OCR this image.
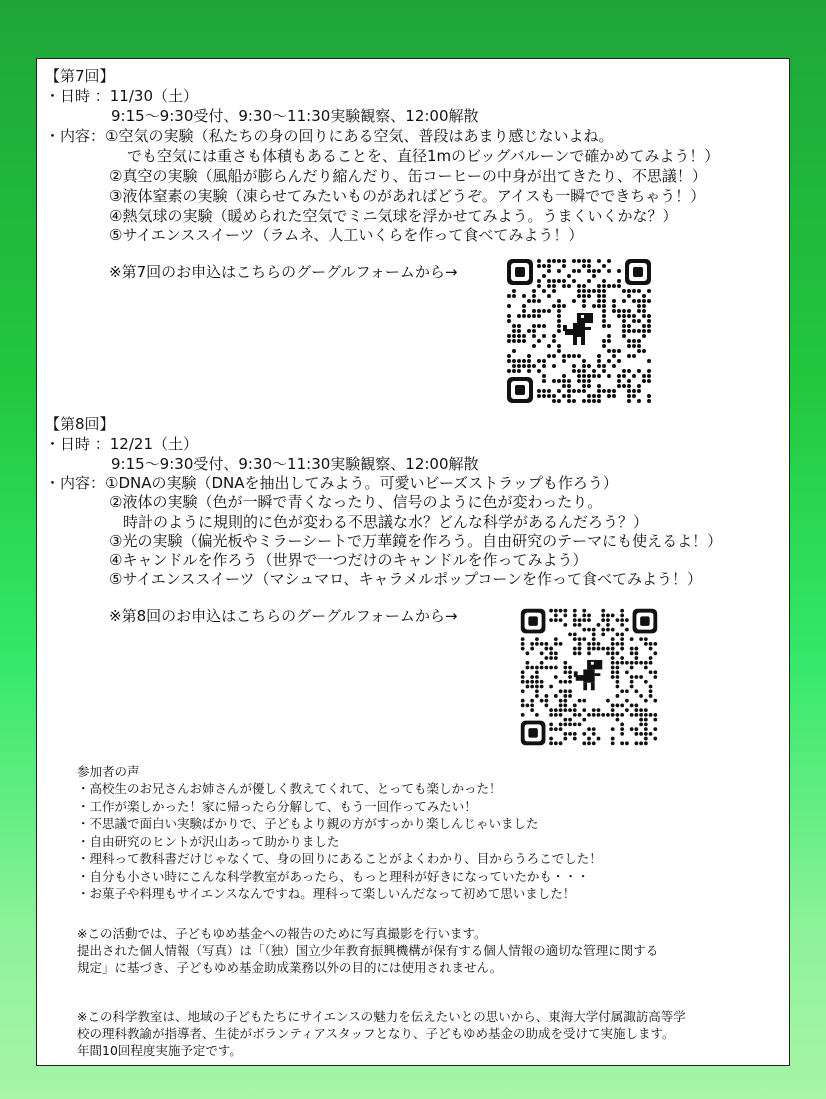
【第7回】
・日時 ：11/30（土）
9:15〜9:30受付、9:30〜11:30実験観察、12:00解散
・内容：①空気の実験（私たちの身の回りにある空気、普段はあまり感じないよね。
でも空気には重さも体積もあることを、直径1mのビッグバルーンで確かめてみよう！）
②真空の実験（風船が膨らんだり縮んだり、缶コーヒーの中身が出てきたり、不思議！）
③液体窒素の実験（凍らせてみたいものがあればどうぞ。アイスも一瞬でできちゃう！）
④熱気球の実験（暖められた空気でミニ気球を浮かせてみよう。うまくいくかな？）
⑤サイエンススイーツ（ラムネ、人工いくらを作って食べてみよう！）
※第7回のお申込はこちらのグーグルフォームから→
【第8回】
・日時 ：12/21（土）
9:15〜9:30受付、9:30〜11:30実験観察、12:00解散
・内容：①DNAの実験（DNAを抽出してみよう。可愛いビーズストラップも作ろう）
②液体の実験（色が一瞬で青くなったり、信号のように色が変わったり。
時計のように規則的に色が変わる不思議な水？どんな科学があるんだろう？）
③光の実験（偏光板やミラーシートで万華鏡を作ろう。自由研究のテーマにも使えるよ！）
④キャンドルを作ろう（世界で一つだけのキャンドルを作ってみよう）
⑤サイエンススイーツ（マシュマロ、キャラメルポップコーンを作って食べてみよう！）
※第8回のお申込はこちらのグーグルフォームから→
参加者の声
・高校生のお兄さんお姉さんが優しく教えてくれて、とっても楽しかった！
・工作が楽しかった！家に帰ったら分解して、もう一回作ってみたい！
・不思議で面白い実験ばかりで、子どもより親の方がすっかり楽しんじゃいました
・自由研究のヒントが沢山あって助かりました
・理科って教科書だけじゃなくて、身の回りにあることがよくわかり、目からうろこでした！
・自分も小さい時にこんな科学教室があったら、もっと理科が好きになっていたかも・・・
・お菓子や料理もサイエンスなんですね。理科って楽しいんだなって初めて思いました！
※この活動では、子どもゆめ基金への報告のために写真撮影を行います。
提出された個人情報（写真）は「（独）国立少年教育振興機構が保有する個人情報の適切な管理に関する
規定」に基づき、子どもゆめ基金助成業務以外の目的には使用されません。
※この科学教室は、地域の子どもたちにサイエンスの魅力を伝えたいとの思いから、東海大学付属諏訪高等学
校の理科教諭が指導者、生徒がボランティアスタッフとなり、子どもゆめ基金の助成を受けて実施します。
年間10回程度実施予定です。
